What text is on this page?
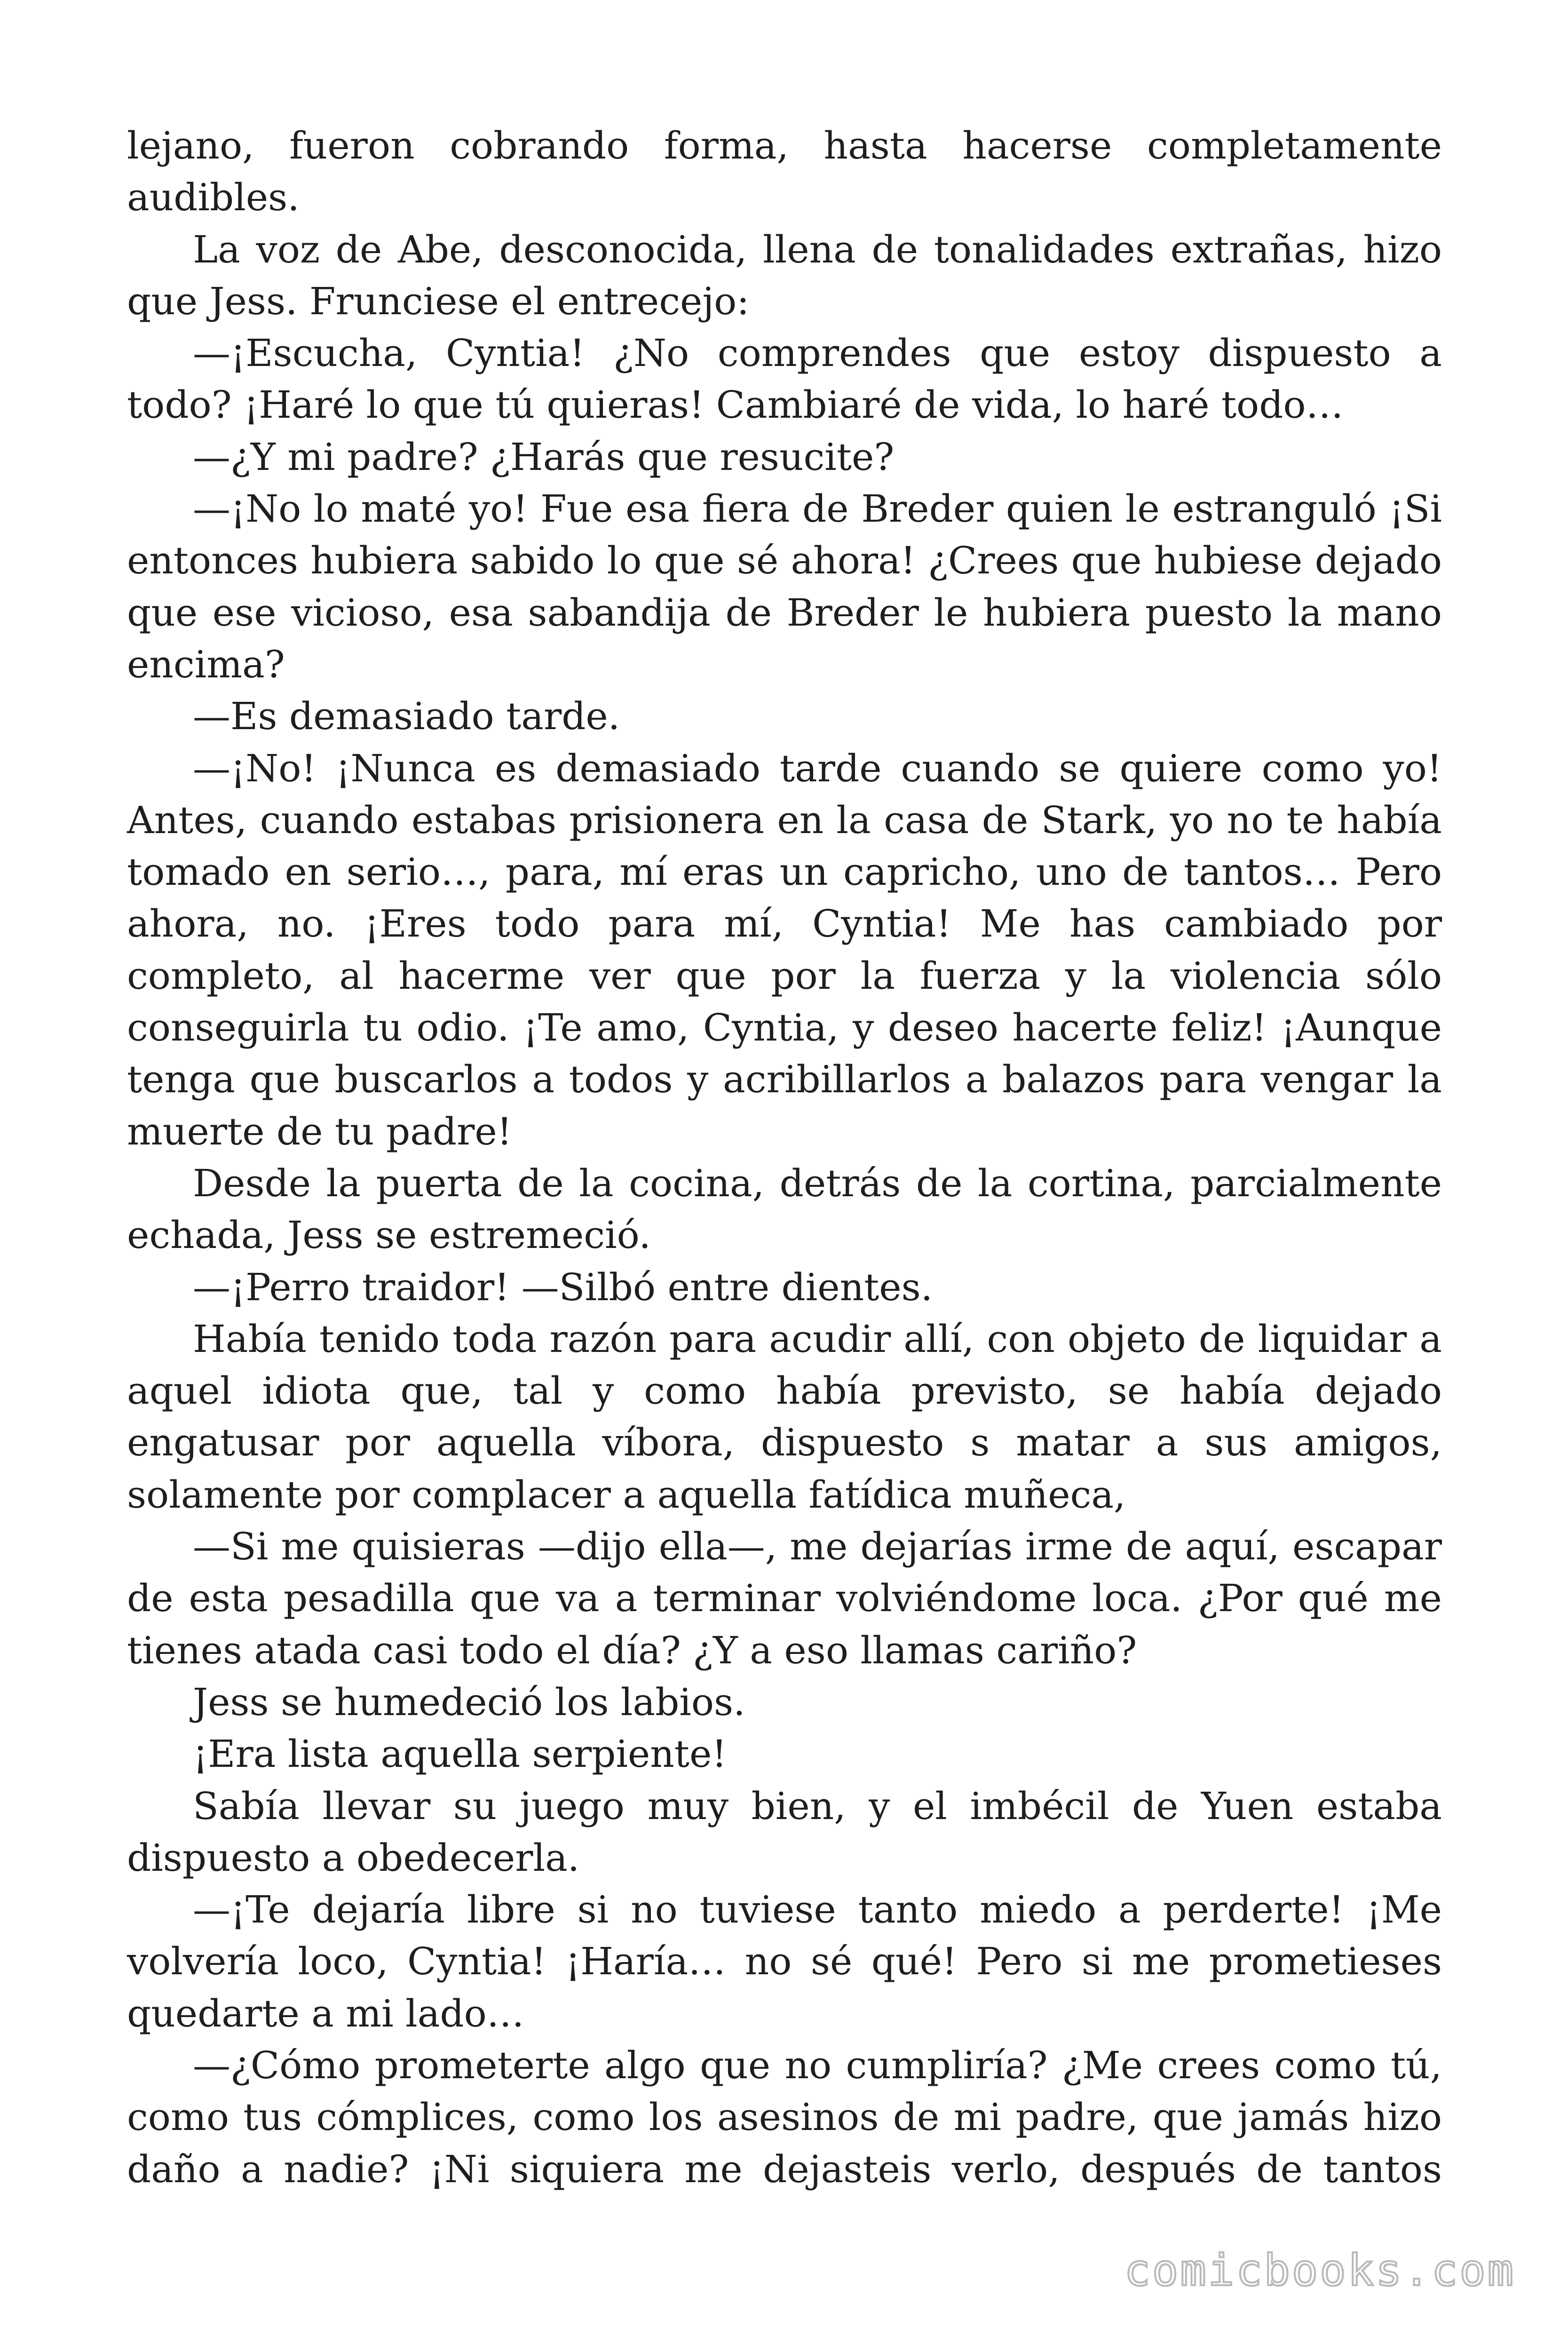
lejano, fueron cobrando forma, hasta hacerse completamente audibles.

La voz de Abe, desconocida, llena de tonalidades extrañas, hizo que Jess. Frunciese el entrecejo:

—¡Escucha, Cyntia! ¿No comprendes que estoy dispuesto a todo? ¡Haré lo que tú quieras! Cambiaré de vida, lo haré todo…

—¿Y mi padre? ¿Harás que resucite?

—¡No lo maté yo! Fue esa fiera de Breder quien le estranguló ¡Si entonces hubiera sabido lo que sé ahora! ¿Crees que hubiese dejado que ese vicioso, esa sabandija de Breder le hubiera puesto la mano encima?

—Es demasiado tarde.

—¡No! ¡Nunca es demasiado tarde cuando se quiere como yo! Antes, cuando estabas prisionera en la casa de Stark, yo no te había tomado en serio…, para, mí eras un capricho, uno de tantos… Pero ahora, no. ¡Eres todo para mí, Cyntia! Me has cambiado por completo, al hacerme ver que por la fuerza y la violencia sólo conseguirla tu odio. ¡Te amo, Cyntia, y deseo hacerte feliz! ¡Aunque tenga que buscarlos a todos y acribillarlos a balazos para vengar la muerte de tu padre!

Desde la puerta de la cocina, detrás de la cortina, parcialmente echada, Jess se estremeció.

—¡Perro traidor! —Silbó entre dientes.

Había tenido toda razón para acudir allí, con objeto de liquidar a aquel idiota que, tal y como había previsto, se había dejado engatusar por aquella víbora, dispuesto s matar a sus amigos, solamente por complacer a aquella fatídica muñeca,

—Si me quisieras —dijo ella—, me dejarías irme de aquí, escapar de esta pesadilla que va a terminar volviéndome loca. ¿Por qué me tienes atada casi todo el día? ¿Y a eso llamas cariño?

Jess se humedeció los labios.

¡Era lista aquella serpiente!

Sabía llevar su juego muy bien, y el imbécil de Yuen estaba dispuesto a obedecerla.

—¡Te dejaría libre si no tuviese tanto miedo a perderte! ¡Me volvería loco, Cyntia! ¡Haría… no sé qué! Pero si me prometieses quedarte a mi lado…

—¿Cómo prometerte algo que no cumpliría? ¿Me crees como tú, como tus cómplices, como los asesinos de mi padre, que jamás hizo daño a nadie? ¡Ni siquiera me dejasteis verlo, después de tantos

comicbooks.com
